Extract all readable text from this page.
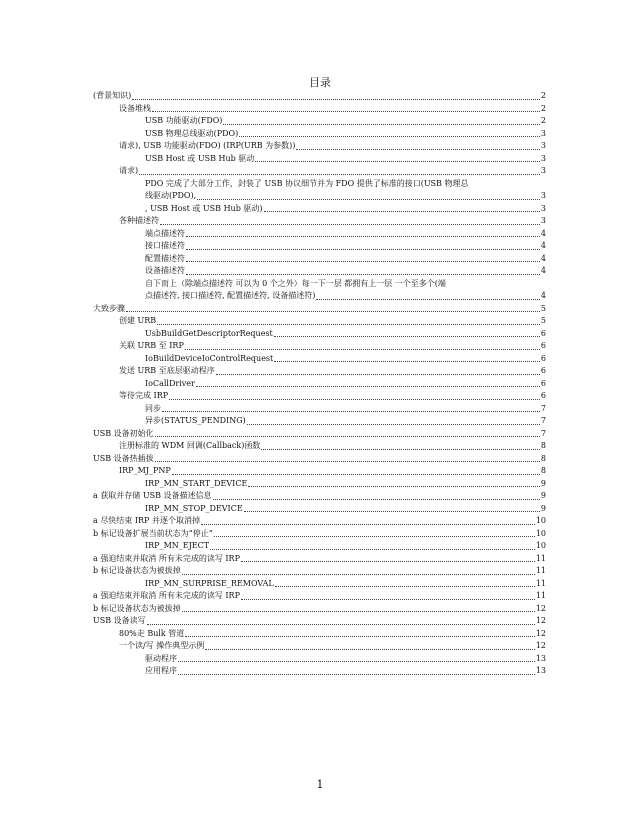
目录
(背景知识)	2
设备堆栈	2
USB 功能驱动(FDO)	2
USB 物理总线驱动(PDO)	3
请求), USB 功能驱动(FDO) (IRP(URB 为参数))	3
USB Host 或 USB Hub 驱动	3
请求)	3
PDO 完成了大部分工作，封装了 USB 协议细节并为 FDO 提供了标准的接口(USB 物理总
线驱动(PDO),	3
, USB Host 或 USB Hub 驱动)	3
各种描述符	3
端点描述符	4
接口描述符	4
配置描述符	4
设备描述符	4
自下而上（除端点描述符 可以为 0 个之外）每一下一层 都拥有上一层 一个至多个(端
点描述符, 接口描述符, 配置描述符, 设备描述符)	4
大致步骤	5
创建 URB	5
UsbBuildGetDescriptorRequest	6
关联 URB 至 IRP	6
IoBuildDeviceIoControlRequest	6
发送 URB 至底层驱动程序	6
IoCallDriver	6
等待完成 IRP	6
同步	7
异步(STATUS_PENDING)	7
USB 设备初始化	7
注册标准的 WDM 回调(Callback)函数	8
USB 设备热插拔	8
IRP_MJ_PNP	8
IRP_MN_START_DEVICE	9
a 获取并存储 USB 设备描述信息	9
IRP_MN_STOP_DEVICE	9
a 尽快结束 IRP 并逐个取消掉	10
b 标记设备扩展当前状态为“停止”	10
IRP_MN_EJECT	10
a 强迫结束并取消 所有未完成的读写 IRP	11
b 标记设备状态为被拔掉	11
IRP_MN_SURPRISE_REMOVAL	11
a 强迫结束并取消 所有未完成的读写 IRP	11
b 标记设备状态为被拔掉	12
USB 设备读写	12
80%走 Bulk 管道	12
一个读/写 操作典型示例	12
驱动程序	13
应用程序	13
1
